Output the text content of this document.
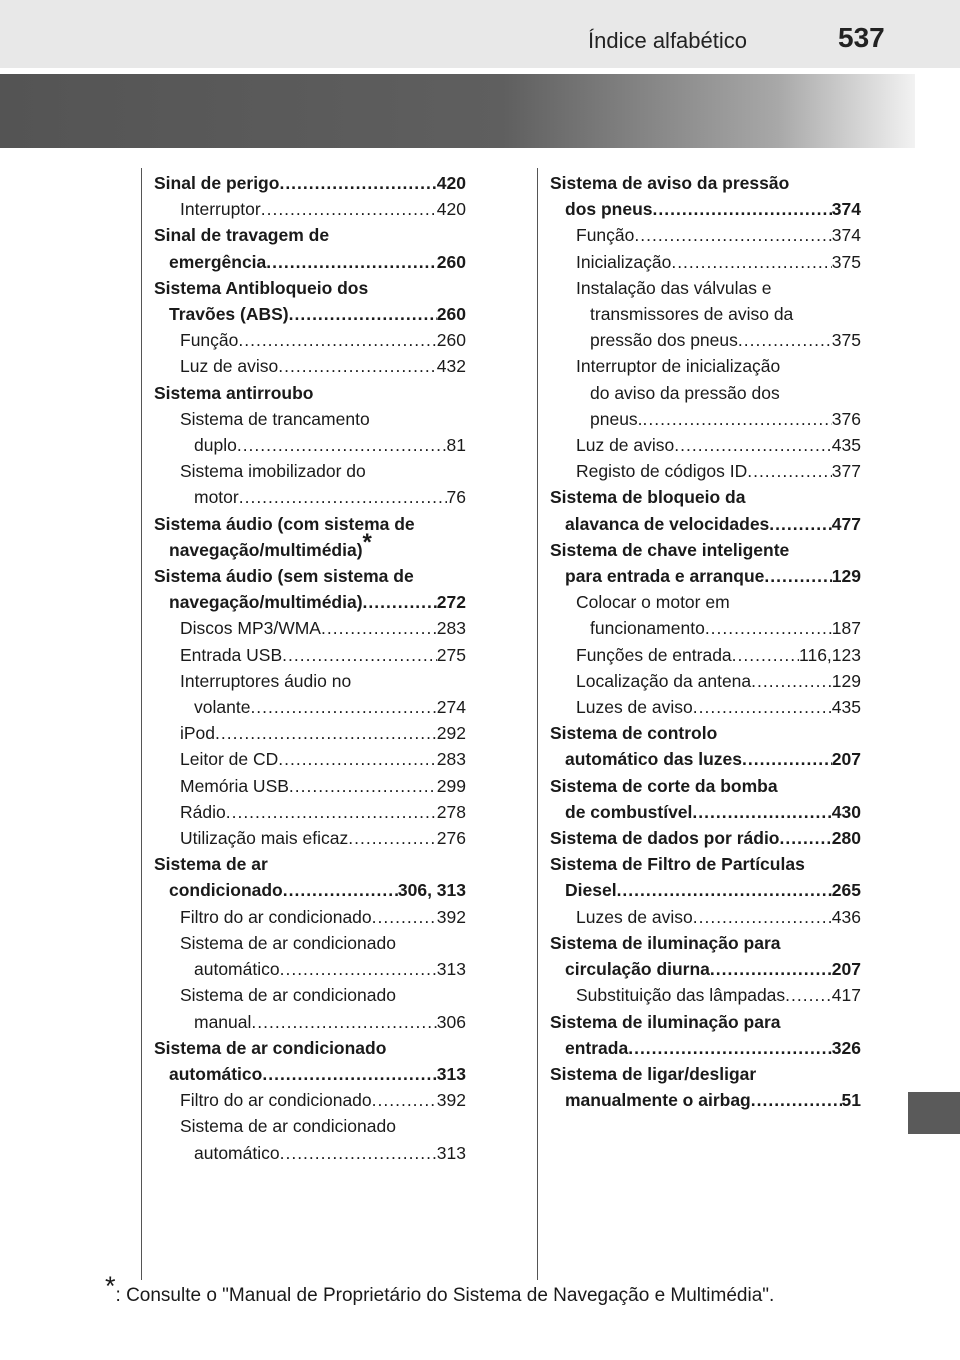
Índice alfabético	537
Sinal de perigo .....	420
Interruptor .....	420
Sinal de travagem de
emergência .....	260
Sistema Antibloqueio dos
Travões (ABS) .....	260
Função .....	260
Luz de aviso .....	432
Sistema antirroubo
Sistema de trancamento
duplo .....	81
Sistema imobilizador do
motor .....	76
Sistema áudio (com sistema de
navegação/multimédia)*
Sistema áudio (sem sistema de
navegação/multimédia) .....	272
Discos MP3/WMA .....	283
Entrada USB .....	275
Interruptores áudio no
volante .....	274
iPod .....	292
Leitor de CD .....	283
Memória USB .....	299
Rádio .....	278
Utilização mais eficaz .....	276
Sistema de ar
condicionado .....	306, 313
Filtro do ar condicionado .....	392
Sistema de ar condicionado
automático .....	313
Sistema de ar condicionado
manual .....	306
Sistema de ar condicionado
automático .....	313
Filtro do ar condicionado .....	392
Sistema de ar condicionado
automático .....	313
Sistema de aviso da pressão
dos pneus .....	374
Função .....	374
Inicialização .....	375
Instalação das válvulas e
transmissores de aviso da
pressão dos pneus .....	375
Interruptor de inicialização
do aviso da pressão dos
pneus. .....	376
Luz de aviso .....	435
Registo de códigos ID .....	377
Sistema de bloqueio da
alavanca de velocidades .....	477
Sistema de chave inteligente
para entrada e arranque .....	129
Colocar o motor em
funcionamento .....	187
Funções de entrada .....	116,123
Localização da antena .....	129
Luzes de aviso .....	435
Sistema de controlo
automático das luzes .....	207
Sistema de corte da bomba
de combustível .....	430
Sistema de dados por rádio .....	280
Sistema de Filtro de Partículas
Diesel .....	265
Luzes de aviso .....	436
Sistema de iluminação para
circulação diurna .....	207
Substituição das lâmpadas .....	417
Sistema de iluminação para
entrada .....	326
Sistema de ligar/desligar
manualmente o airbag .....	51
*: Consulte o "Manual de Proprietário do Sistema de Navegação e Multimédia".
